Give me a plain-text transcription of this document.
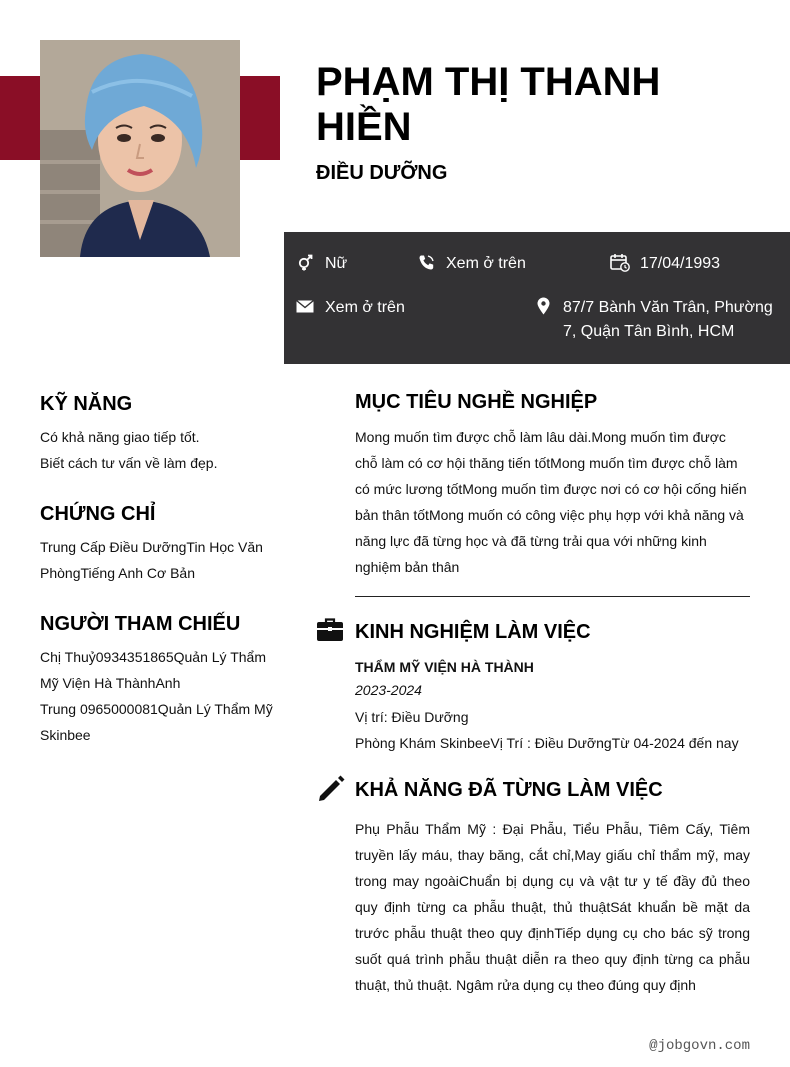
PHẠM THỊ THANH HIỀN
ĐIỀU DƯỠNG
Nữ	Xem ở trên	17/04/1993
Xem ở trên	87/7 Bành Văn Trân, Phường 7, Quận Tân Bình, HCM
KỸ NĂNG

Có khả năng giao tiếp tốt.

Biết cách tư vấn về làm đẹp.

CHỨNG CHỈ

Trung Cấp Điều DưỡngTin Học Văn PhòngTiếng Anh Cơ Bản

NGƯỜI THAM CHIẾU

Chị Thuỷ0934351865Quản Lý Thẩm Mỹ Viện Hà ThànhAnh

Trung 0965000081Quản Lý Thẩm Mỹ Skinbee

MỤC TIÊU NGHỀ NGHIỆP

Mong muốn tìm được chỗ làm lâu dài.Mong muốn tìm được chỗ làm có cơ hội thăng tiến tốtMong muốn tìm được chỗ làm có mức lương tốtMong muốn tìm được nơi có cơ hội cống hiến bản thân tốtMong muốn có công việc phụ hợp với khả năng và năng lực đã từng học và đã từng trải qua với những kinh nghiệm bản thân

KINH NGHIỆM LÀM VIỆC
THẨM MỸ VIỆN HÀ THÀNH
2023-2024
Vị trí: Điều Dưỡng
Phòng Khám SkinbeeVị Trí : Điều DưỡngTừ 04-2024 đến nay
KHẢ NĂNG ĐÃ TỪNG LÀM VIỆC

Phụ Phẫu Thẩm Mỹ : Đại Phẫu, Tiểu Phẫu, Tiêm Cấy, Tiêm truyền lấy máu, thay băng, cắt chỉ,May giấu chỉ thẩm mỹ, may trong may ngoàiChuẩn bị dụng cụ và vật tư y tế đầy đủ theo quy định từng ca phẫu thuật, thủ thuậtSát khuẩn bề mặt da trước phẫu thuật theo quy địnhTiếp dụng cụ cho bác sỹ trong suốt quá trình phẫu thuật diễn ra theo quy định từng ca phẫu thuật, thủ thuật. Ngâm rửa dụng cụ theo đúng quy định

@jobgovn.com
